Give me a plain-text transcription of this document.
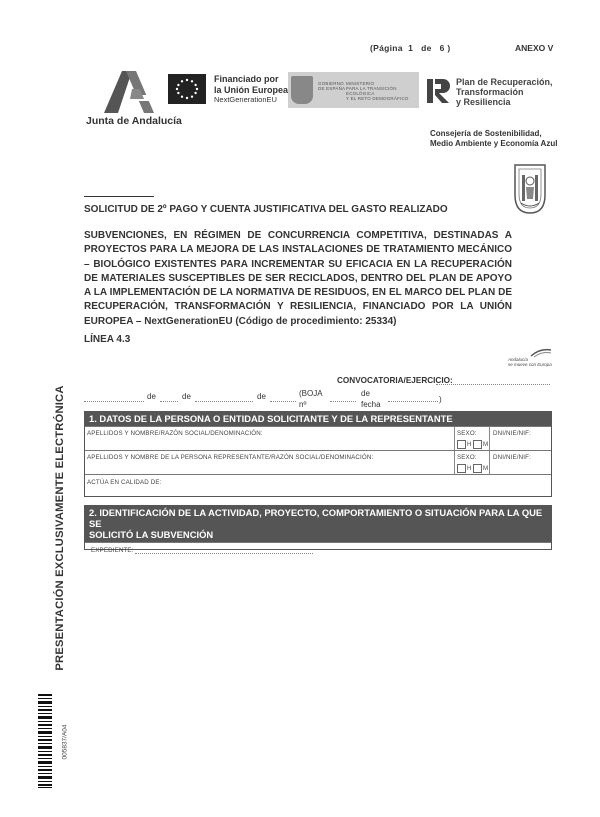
(Página  1   de   6 )	ANEXO V
Junta de Andalucía
Financiado por
la Unión Europea
NextGenerationEU
GOBIERNO
DE ESPAÑA
MINISTERIO
PARA LA TRANSICIÓN ECOLÓGICA
Y EL RETO DEMOGRÁFICO
Plan de Recuperación,
Transformación
y Resiliencia
Consejería de Sostenibilidad,
Medio Ambiente y Economía Azul
SOLICITUD DE 2º PAGO Y CUENTA JUSTIFICATIVA DEL GASTO REALIZADO
SUBVENCIONES, EN RÉGIMEN DE CONCURRENCIA COMPETITIVA, DESTINADAS A PROYECTOS PARA LA MEJORA DE LAS INSTALACIONES DE TRATAMIENTO MECÁNICO – BIOLÓGICO EXISTENTES PARA INCREMENTAR SU EFICACIA EN LA RECUPERACIÓN DE MATERIALES SUSCEPTIBLES DE SER RECICLADOS, DENTRO DEL PLAN DE APOYO A LA IMPLEMENTACIÓN DE LA NORMATIVA DE RESIDUOS, EN EL MARCO DEL PLAN DE RECUPERACIÓN, TRANSFORMACIÓN Y RESILIENCIA, FINANCIADO POR LA UNIÓN EUROPEA – NextGenerationEU (Código de procedimiento: 25334)
LÍNEA 4.3
Andalucía
se mueve con Europa
CONVOCATORIA/EJERCICIO:
de	de	de	(BOJA
nº
de
fecha
)
1. DATOS DE LA PERSONA O ENTIDAD SOLICITANTE Y DE LA REPRESENTANTE
APELLIDOS Y NOMBRE/RAZÓN SOCIAL/DENOMINACIÓN:	SEXO:
H M
DNI/NIE/NIF:
APELLIDOS Y NOMBRE DE LA PERSONA REPRESENTANTE/RAZÓN SOCIAL/DENOMINACIÓN:	SEXO:
H M
DNI/NIE/NIF:
ACTÚA EN CALIDAD DE:
2. IDENTIFICACIÓN DE LA ACTIVIDAD, PROYECTO, COMPORTAMIENTO O SITUACIÓN PARA LA QUE SE
SOLICITÓ LA SUBVENCIÓN
EXPEDIENTE:
PRESENTACIÓN EXCLUSIVAMENTE ELECTRÓNICA
005837/A04
